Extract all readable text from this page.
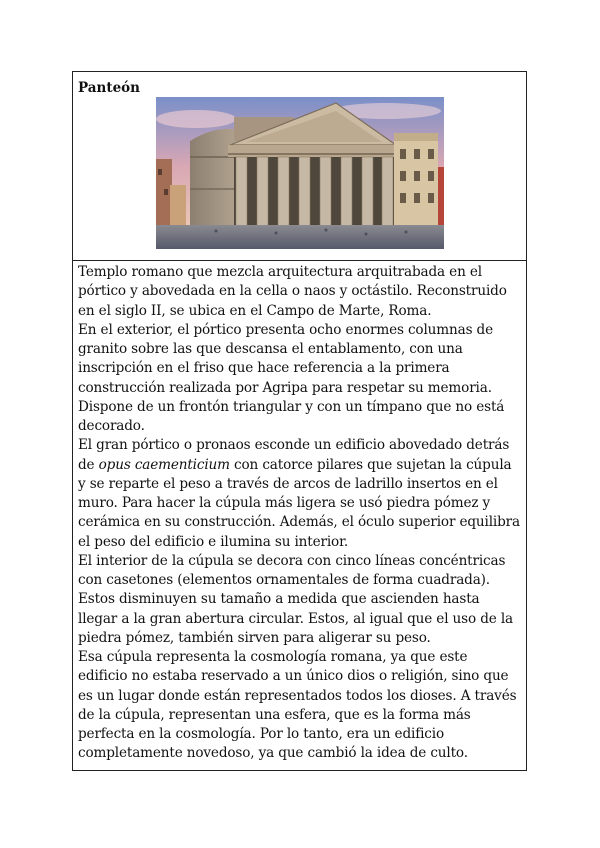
Panteón

Templo romano que mezcla arquitectura arquitrabada en el pórtico y abovedada en la cella o naos y octástilo. Reconstruido en el siglo II, se ubica en el Campo de Marte, Roma.

En el exterior, el pórtico presenta ocho enormes columnas de granito sobre las que descansa el entablamento, con una inscripción en el friso que hace referencia a la primera construcción realizada por Agripa para respetar su memoria. Dispone de un frontón triangular y con un tímpano que no está decorado.

El gran pórtico o pronaos esconde un edificio abovedado detrás de opus caementicium con catorce pilares que sujetan la cúpula y se reparte el peso a través de arcos de ladrillo insertos en el muro. Para hacer la cúpula más ligera se usó piedra pómez y cerámica en su construcción. Además, el óculo superior equilibra el peso del edificio e ilumina su interior.

El interior de la cúpula se decora con cinco líneas concéntricas con casetones (elementos ornamentales de forma cuadrada). Estos disminuyen su tamaño a medida que ascienden hasta llegar a la gran abertura circular. Estos, al igual que el uso de la piedra pómez, también sirven para aligerar su peso.

Esa cúpula representa la cosmología romana, ya que este edificio no estaba reservado a un único dios o religión, sino que es un lugar donde están representados todos los dioses. A través de la cúpula, representan una esfera, que es la forma más perfecta en la cosmología. Por lo tanto, era un edificio completamente novedoso, ya que cambió la idea de culto.
